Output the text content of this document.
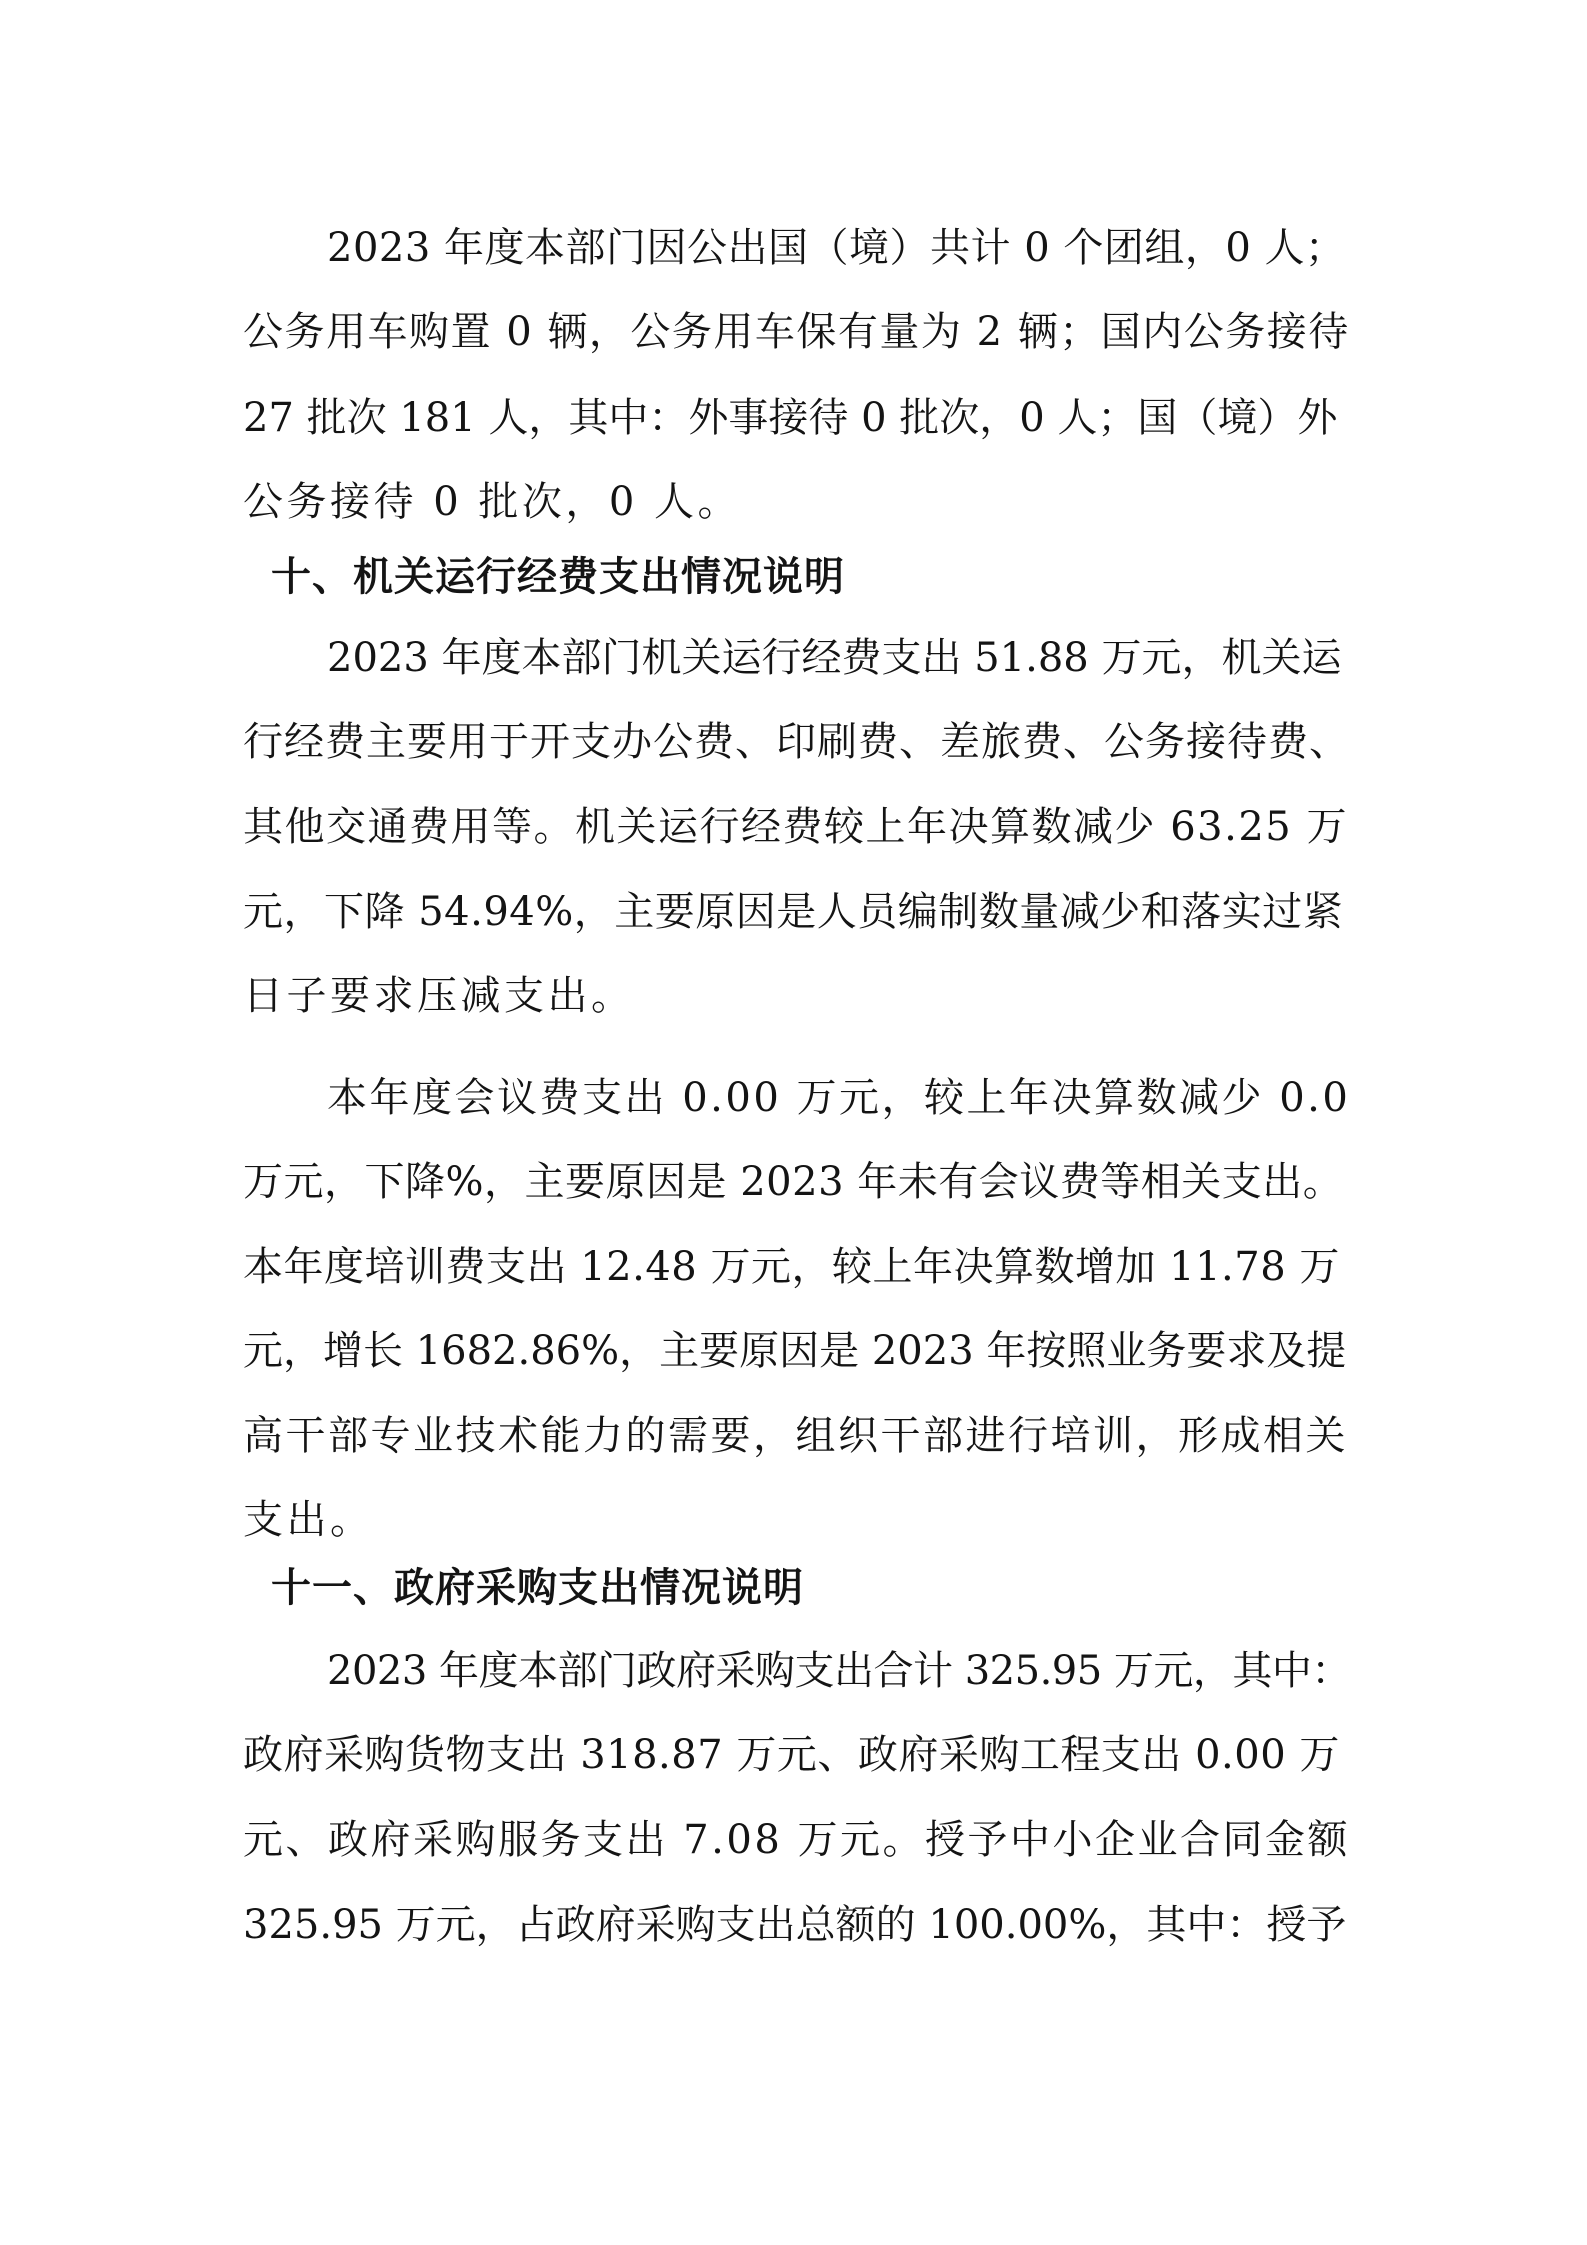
2023 年度本部门因公出国（境）共计 0 个团组，0 人；
公务用车购置 0 辆，公务用车保有量为 2 辆；国内公务接待
27 批次 181 人，其中：外事接待 0 批次，0 人；国（境）外
公务接待 0 批次，0 人。
十、机关运行经费支出情况说明
2023 年度本部门机关运行经费支出 51.88 万元，机关运
行经费主要用于开支办公费、印刷费、差旅费、公务接待费、
其他交通费用等。机关运行经费较上年决算数减少 63.25 万
元，下降 54.94%，主要原因是人员编制数量减少和落实过紧
日子要求压减支出。
本年度会议费支出 0.00 万元，较上年决算数减少 0.0
万元，下降%，主要原因是 2023 年未有会议费等相关支出。
本年度培训费支出 12.48 万元，较上年决算数增加 11.78 万
元，增长 1682.86%，主要原因是 2023 年按照业务要求及提
高干部专业技术能力的需要，组织干部进行培训，形成相关
支出。
十一、政府采购支出情况说明
2023 年度本部门政府采购支出合计 325.95 万元，其中：
政府采购货物支出 318.87 万元、政府采购工程支出 0.00 万
元、政府采购服务支出 7.08 万元。授予中小企业合同金额
325.95 万元，占政府采购支出总额的 100.00%，其中：授予
